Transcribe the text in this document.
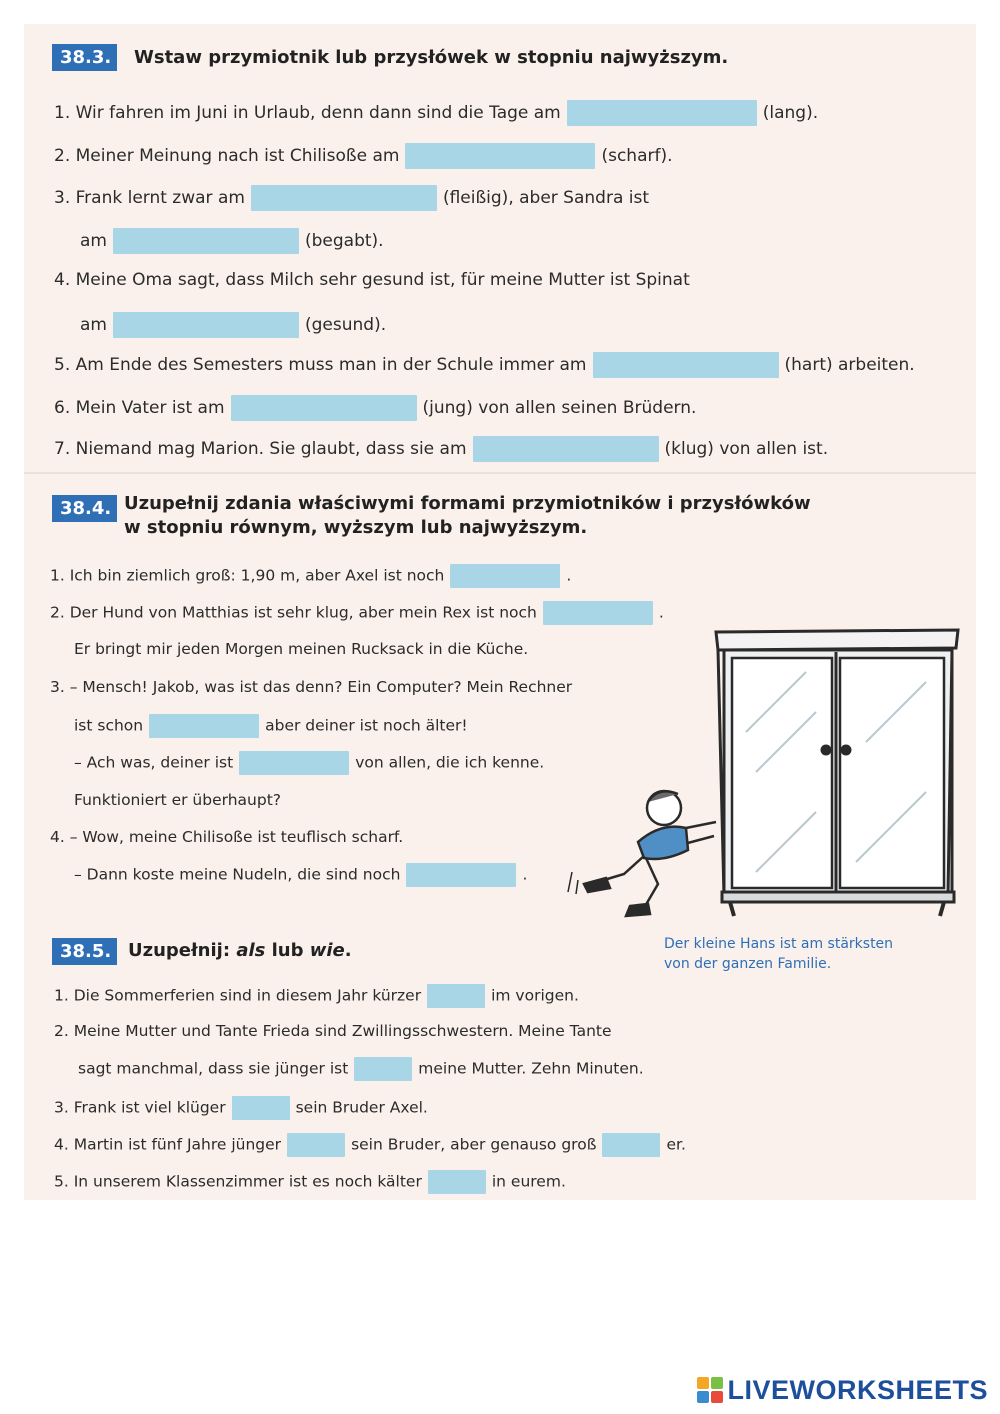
38.3.	Wstaw przymiotnik lub przysłówek w stopniu najwyższym.
1. Wir fahren im Juni in Urlaub, denn dann sind die Tage am	(lang).
2. Meiner Meinung nach ist Chilisoße am	(scharf).
3. Frank lernt zwar am	(fleißig), aber Sandra ist
am	(begabt).
4. Meine Oma sagt, dass Milch sehr gesund ist, für meine Mutter ist Spinat
am	(gesund).
5. Am Ende des Semesters muss man in der Schule immer am	(hart) arbeiten.
6. Mein Vater ist am	(jung) von allen seinen Brüdern.
7. Niemand mag Marion. Sie glaubt, dass sie am	(klug) von allen ist.
38.4. Uzupełnij zdania właściwymi formami przymiotników i przysłówków
w stopniu równym, wyższym lub najwyższym.
1. Ich bin ziemlich groß: 1,90 m, aber Axel ist noch	.
2. Der Hund von Matthias ist sehr klug, aber mein Rex ist noch	.
Er bringt mir jeden Morgen meinen Rucksack in die Küche.
3. – Mensch! Jakob, was ist das denn? Ein Computer? Mein Rechner
ist schon	aber deiner ist noch älter!
– Ach was, deiner ist	von allen, die ich kenne.
Funktioniert er überhaupt?
4. – Wow, meine Chilisoße ist teuflisch scharf.
– Dann koste meine Nudeln, die sind noch	.
Der kleine Hans ist am stärksten
von der ganzen Familie.
38.5. Uzupełnij: als lub wie.
1. Die Sommerferien sind in diesem Jahr kürzer	im vorigen.
2. Meine Mutter und Tante Frieda sind Zwillingsschwestern. Meine Tante
sagt manchmal, dass sie jünger ist	meine Mutter. Zehn Minuten.
3. Frank ist viel klüger	sein Bruder Axel.
4. Martin ist fünf Jahre jünger	sein Bruder, aber genauso groß	er.
5. In unserem Klassenzimmer ist es noch kälter	in eurem.
LIVEWORKSHEETS
